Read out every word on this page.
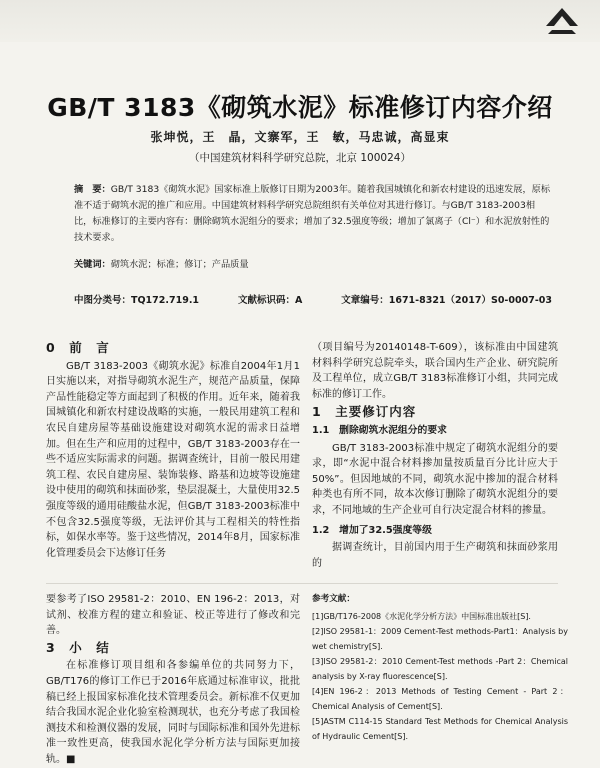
GB/T 3183《砌筑水泥》标准修订内容介绍
张坤悦，王　晶，文寨军，王　敏，马忠诚，高显束
（中国建筑材料科学研究总院，北京 100024）
摘　要：GB/T 3183《砌筑水泥》国家标准上版修订日期为2003年。随着我国城镇化和新农村建设的迅速发展，原标准不适于砌筑水泥的推广和应用。中国建筑材料科学研究总院组织有关单位对其进行修订。与GB/T 3183-2003相比，标准修订的主要内容有：删除砌筑水泥组分的要求；增加了32.5强度等级；增加了氯离子（Cl⁻）和水泥放射性的技术要求。
关键词：砌筑水泥；标准；修订；产品质量
中图分类号：TQ172.719.1	文献标识码：A	文章编号：1671-8321（2017）S0-0007-03
0　前　言

GB/T 3183-2003《砌筑水泥》标准自2004年1月1日实施以来，对指导砌筑水泥生产，规范产品质量，保障产品性能稳定等方面起到了积极的作用。近年来，随着我国城镇化和新农村建设战略的实施，一般民用建筑工程和农民自建房屋等基础设施建设对砌筑水泥的需求日益增加。但在生产和应用的过程中，GB/T 3183-2003存在一些不适应实际需求的问题。据调查统计，目前一般民用建筑工程、农民自建房屋、装饰装修、路基和边坡等设施建设中使用的砌筑和抹面砂浆，垫层混凝土，大量使用32.5强度等级的通用硅酸盐水泥，但GB/T 3183-2003标准中不包含32.5强度等级，无法评价其与工程相关的特性指标，如保水率等。鉴于这些情况，2014年8月，国家标准化管理委员会下达修订任务

（项目编号为20140148-T-609），该标准由中国建筑材料科学研究总院牵头，联合国内生产企业、研究院所及工程单位，成立GB/T 3183标准修订小组，共同完成标准的修订工作。

1　主要修订内容
1.1　删除砌筑水泥组分的要求

GB/T 3183-2003标准中规定了砌筑水泥组分的要求，即“水泥中混合材料掺加量按质量百分比计应大于50%”。但因地域的不同，砌筑水泥中掺加的混合材料种类也有所不同，故本次修订删除了砌筑水泥组分的要求，不同地域的生产企业可自行决定混合材料的掺量。

1.2　增加了32.5强度等级

据调查统计，目前国内用于生产砌筑和抹面砂浆用的

要参考了ISO 29581-2：2010、EN 196-2：2013，对试剂、校准方程的建立和验证、校正等进行了修改和完善。

3　小　结

在标准修订项目组和各参编单位的共同努力下，GB/T176的修订工作已于2016年底通过标准审议，批批稿已经上报国家标准化技术管理委员会。新标准不仅更加结合我国水泥企业化验室检测现状，也充分考虑了我国检测技术和检测仪器的发展，同时与国际标准和国外先进标准一致性更高，使我国水泥化学分析方法与国际更加接轨。■

参考文献：

[1]GB/T176-2008《水泥化学分析方法》中国标准出版社[S].

[2]ISO 29581-1：2009 Cement-Test methods-Part1：Analysis by wet chemistry[S].

[3]ISO 29581-2：2010 Cement-Test methods -Part 2：Chemical analysis by X-ray fluorescence[S].

[4]EN 196-2：2013 Methods of Testing Cement - Part 2：Chemical Analysis of Cement[S].

[5]ASTM C114-15 Standard Test Methods for Chemical Analysis of Hydraulic Cement[S].
